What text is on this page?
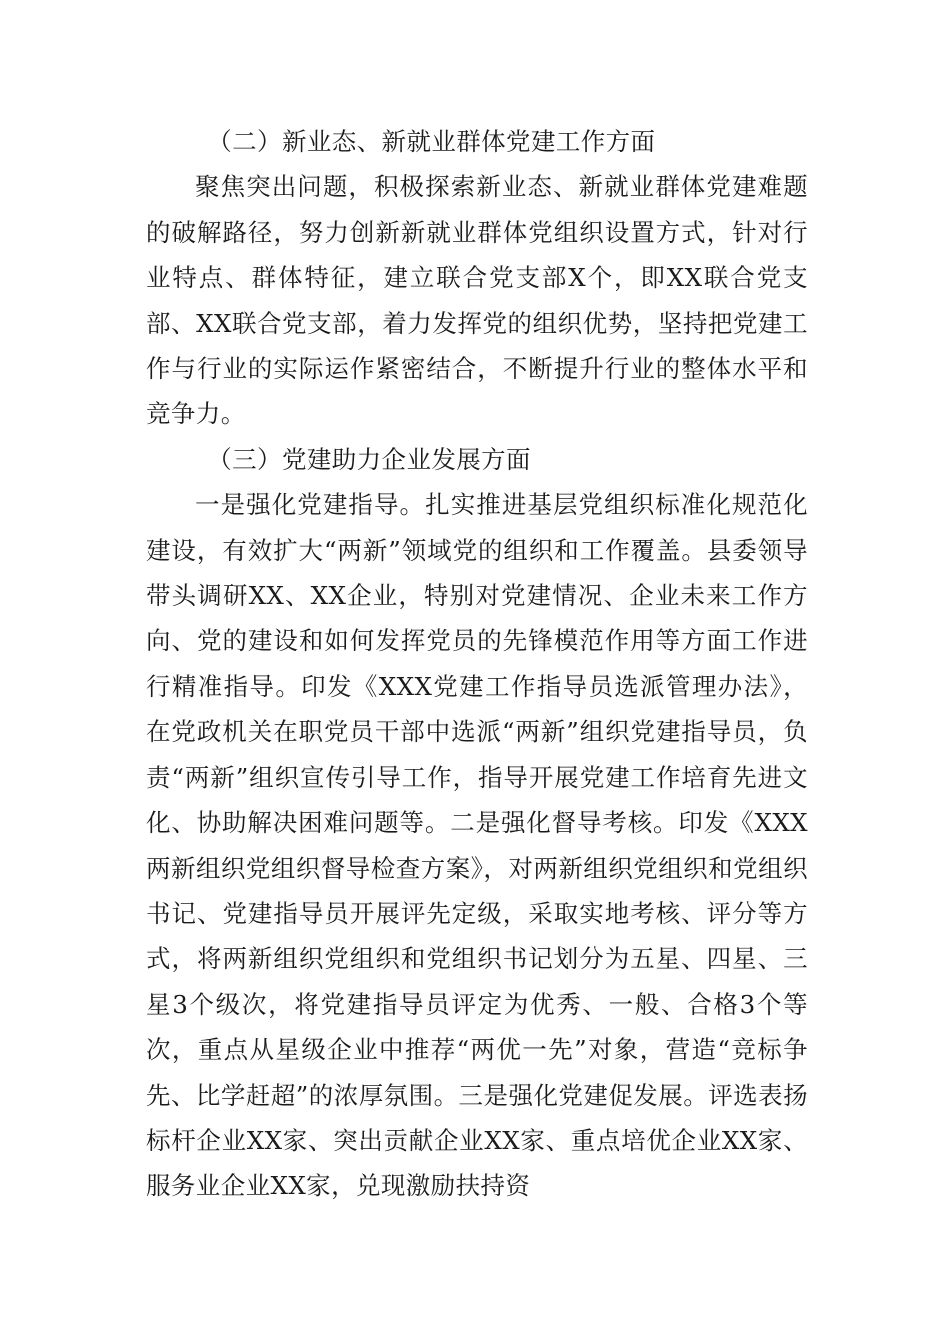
（二）新业态、新就业群体党建工作方面

聚焦突出问题，积极探索新业态、新就业群体党建难题的破解路径，努力创新新就业群体党组织设置方式，针对行业特点、群体特征，建立联合党支部X个，即XX联合党支部、XX联合党支部，着力发挥党的组织优势，坚持把党建工作与行业的实际运作紧密结合，不断提升行业的整体水平和竞争力。

（三）党建助力企业发展方面

一是强化党建指导。扎实推进基层党组织标准化规范化建设，有效扩大“两新”领域党的组织和工作覆盖。县委领导带头调研XX、XX企业，特别对党建情况、企业未来工作方向、党的建设和如何发挥党员的先锋模范作用等方面工作进行精准指导。印发《XXX党建工作指导员选派管理办法》，在党政机关在职党员干部中选派“两新”组织党建指导员，负责“两新”组织宣传引导工作，指导开展党建工作培育先进文化、协助解决困难问题等。二是强化督导考核。印发《XXX两新组织党组织督导检查方案》，对两新组织党组织和党组织书记、党建指导员开展评先定级，采取实地考核、评分等方式，将两新组织党组织和党组织书记划分为五星、四星、三星3个级次，将党建指导员评定为优秀、一般、合格3个等次，重点从星级企业中推荐“两优一先”对象，营造“竞标争先、比学赶超”的浓厚氛围。三是强化党建促发展。评选表扬标杆企业XX家、突出贡献企业XX家、重点培优企业XX家、服务业企业XX家，兑现激励扶持资
